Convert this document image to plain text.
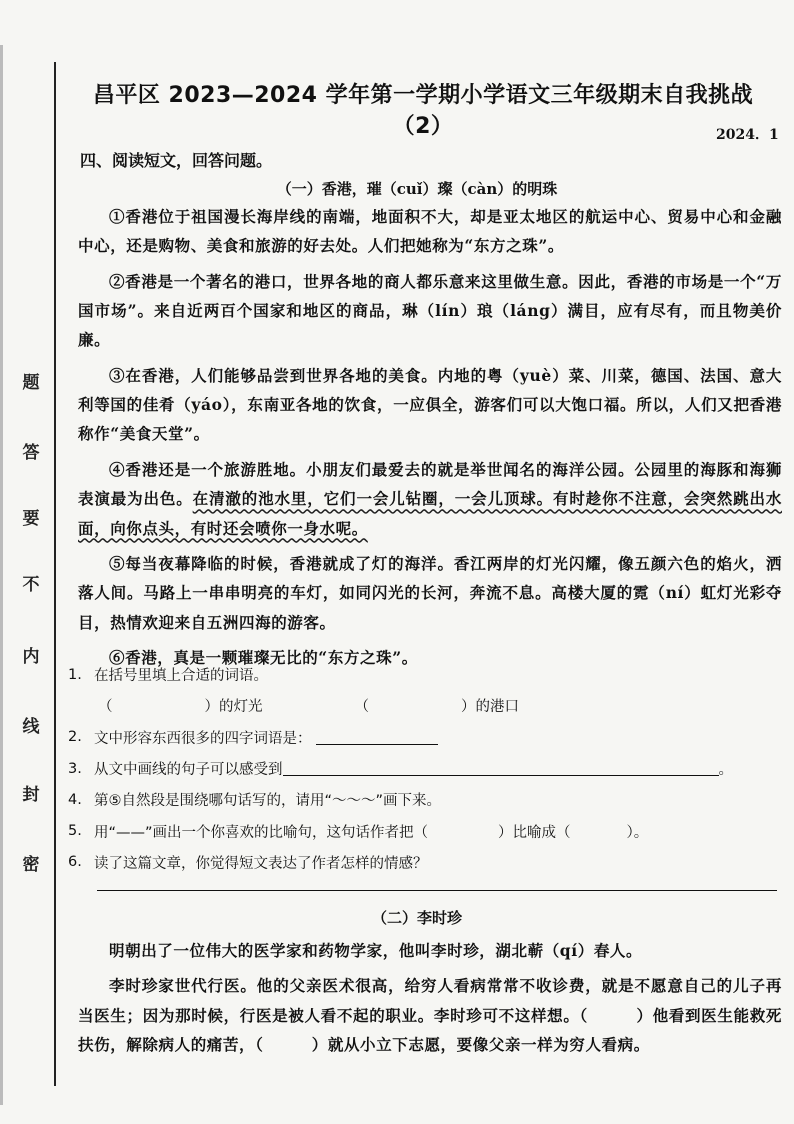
题
答
要
不
内
线
封
密
昌平区 2023—2024 学年第一学期小学语文三年级期末自我挑战（2）	2024．1
四、阅读短文，回答问题。
（一）香港，璀（cuǐ）璨（càn）的明珠

①香港位于祖国漫长海岸线的南端，地面积不大，却是亚太地区的航运中心、贸易中心和金融中心，还是购物、美食和旅游的好去处。人们把她称为“东方之珠”。

②香港是一个著名的港口，世界各地的商人都乐意来这里做生意。因此，香港的市场是一个“万国市场”。来自近两百个国家和地区的商品，琳（lín）琅（láng）满目，应有尽有，而且物美价廉。

③在香港，人们能够品尝到世界各地的美食。内地的粤（yuè）菜、川菜，德国、法国、意大利等国的佳肴（yáo），东南亚各地的饮食，一应俱全，游客们可以大饱口福。所以，人们又把香港称作“美食天堂”。

④香港还是一个旅游胜地。小朋友们最爱去的就是举世闻名的海洋公园。公园里的海豚和海狮表演最为出色。在清澈的池水里，它们一会儿钻圈，一会儿顶球。有时趁你不注意，会突然跳出水面，向你点头，有时还会喷你一身水呢。

⑤每当夜幕降临的时候，香港就成了灯的海洋。香江两岸的灯光闪耀，像五颜六色的焰火，洒落人间。马路上一串串明亮的车灯，如同闪光的长河，奔流不息。高楼大厦的霓（ní）虹灯光彩夺目，热情欢迎来自五洲四海的游客。

⑥香港，真是一颗璀璨无比的“东方之珠”。

1. 在括号里填上合适的词语。
（	）的灯光	（	）的港口
2. 文中形容东西很多的四字词语是：
3. 从文中画线的句子可以感受到	。
4. 第⑤自然段是围绕哪句话写的，请用“～～～”画下来。
5. 用“——”画出一个你喜欢的比喻句，这句话作者把（	）比喻成（	）。
6. 读了这篇文章，你觉得短文表达了作者怎样的情感？
（二）李时珍

明朝出了一位伟大的医学家和药物学家，他叫李时珍，湖北蕲（qí）春人。

李时珍家世代行医。他的父亲医术很高，给穷人看病常常不收诊费，就是不愿意自己的儿子再当医生；因为那时候，行医是被人看不起的职业。李时珍可不这样想。（　　　）他看到医生能救死扶伤，解除病人的痛苦，（　　　）就从小立下志愿，要像父亲一样为穷人看病。
